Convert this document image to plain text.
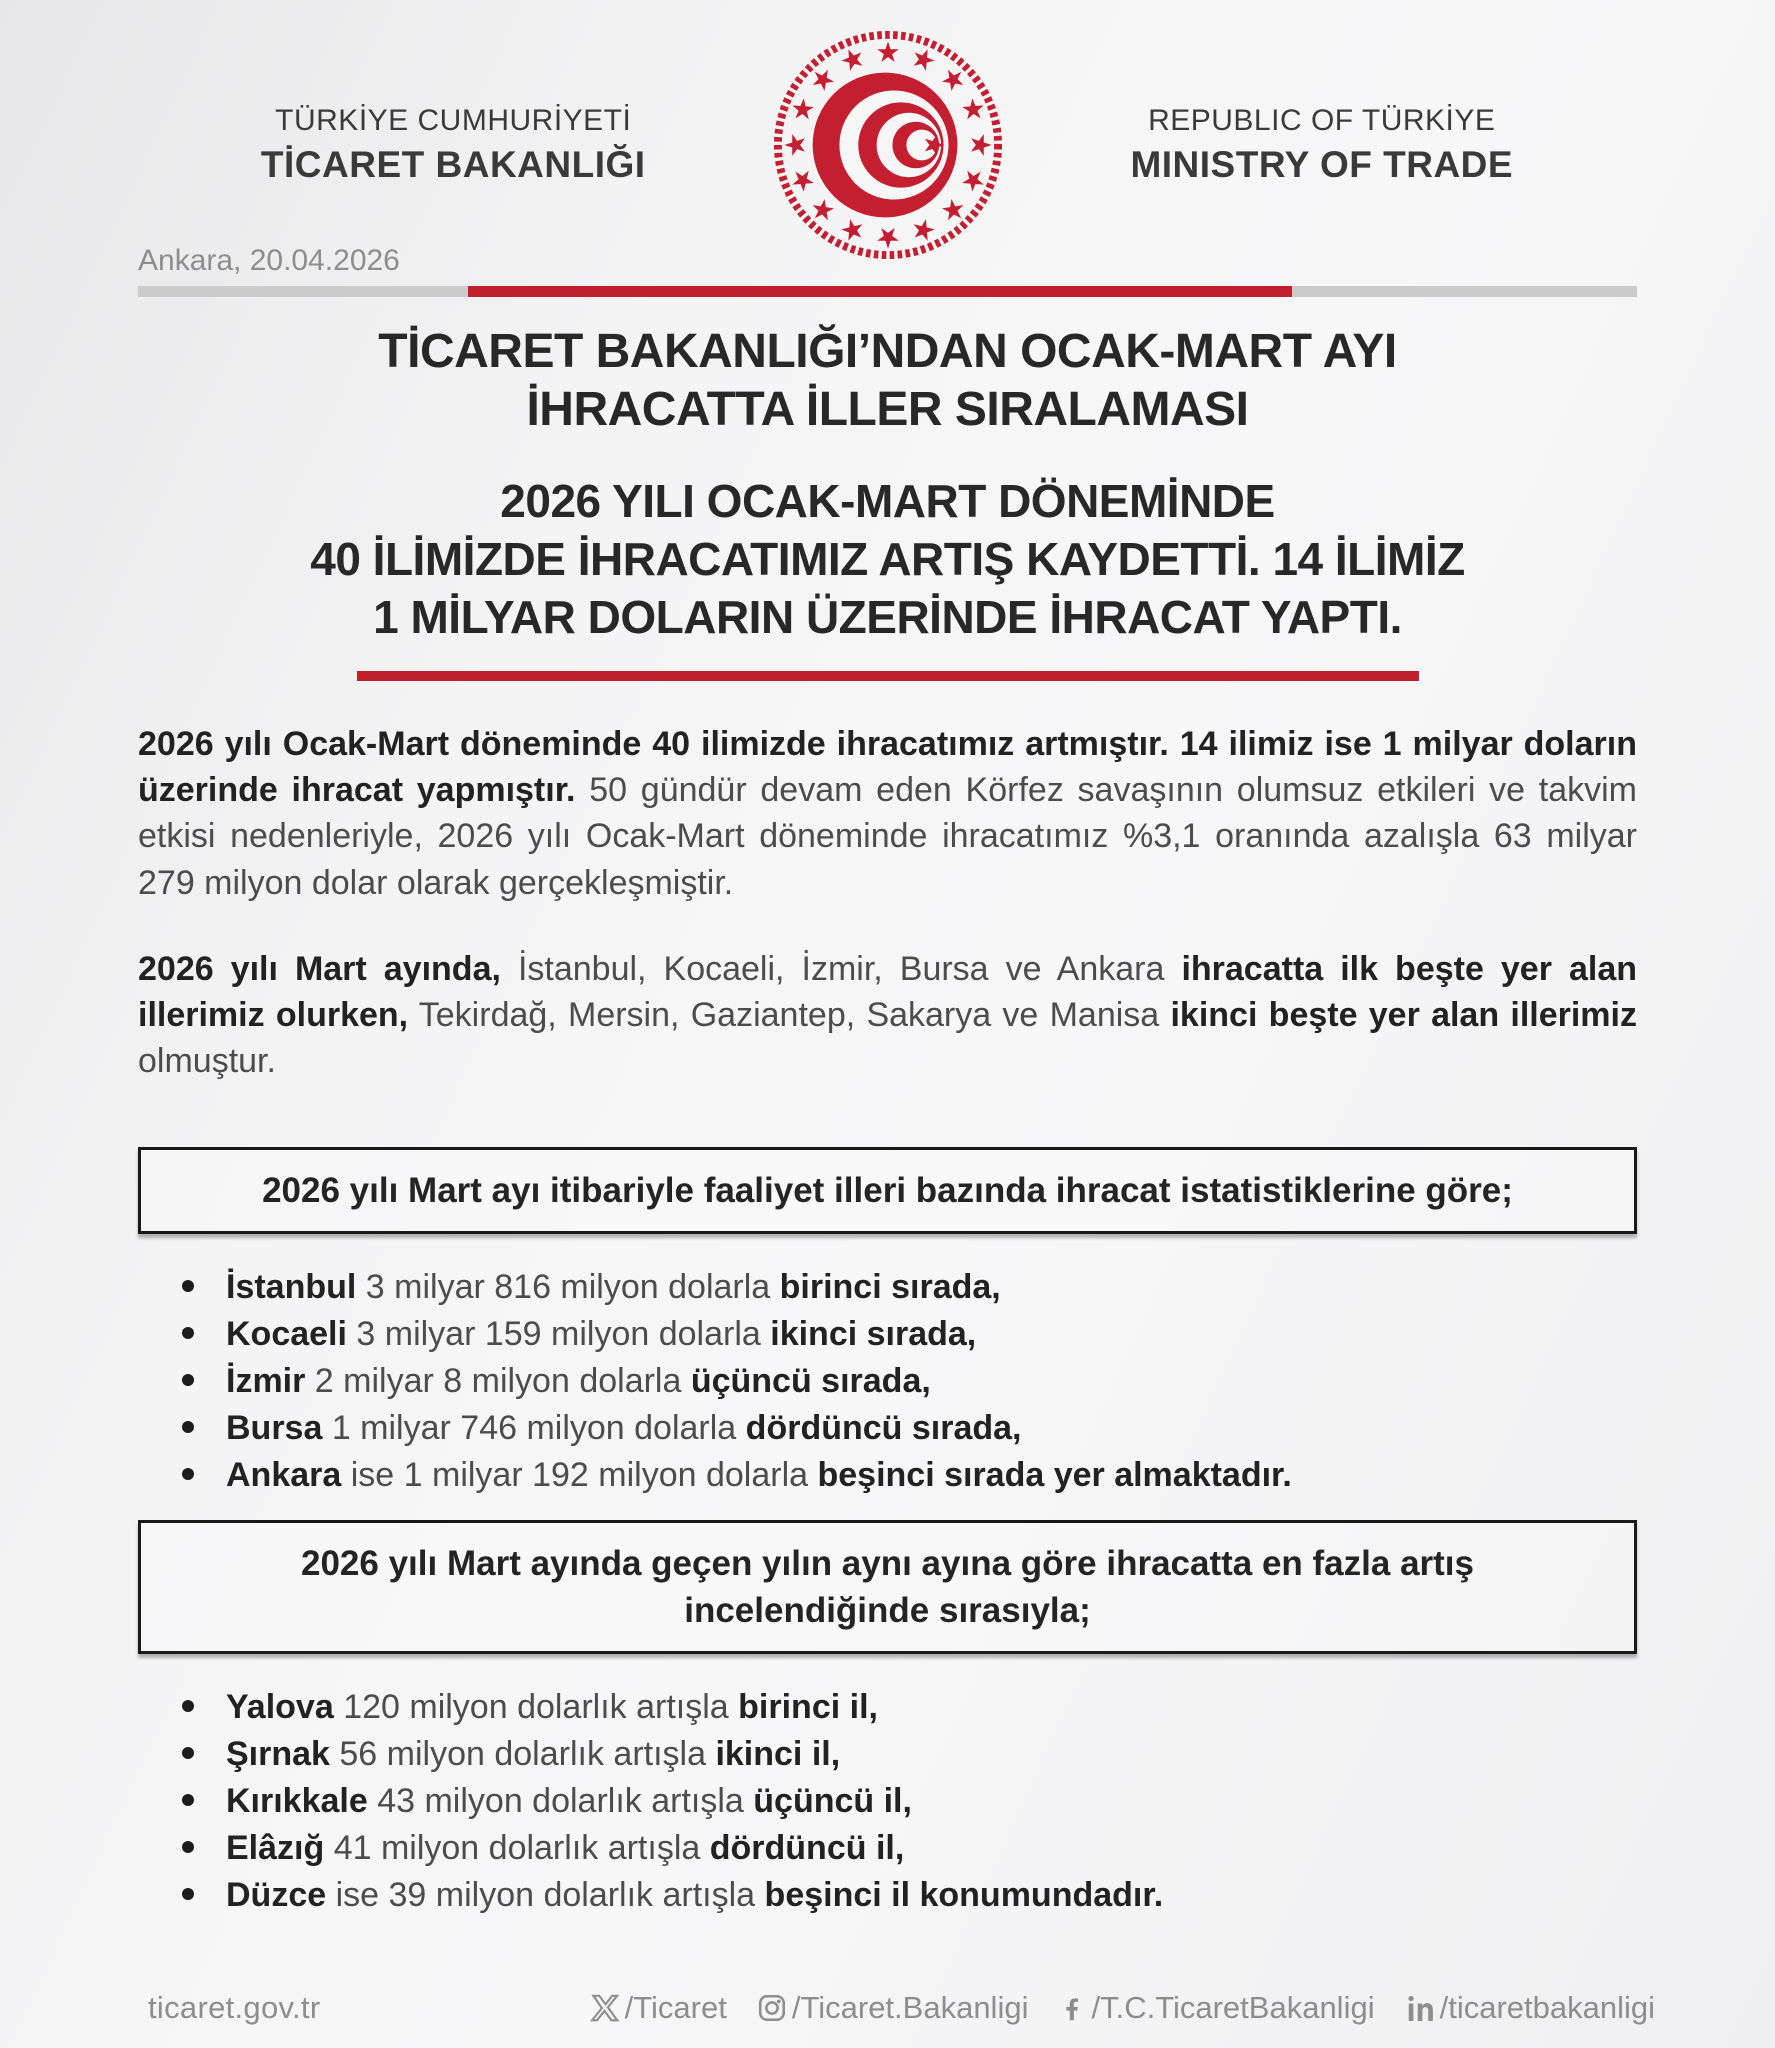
TÜRKİYE CUMHURİYETİ
TİCARET BAKANLIĞI
REPUBLIC OF TÜRKİYE
MINISTRY OF TRADE
Ankara, 20.04.2026
TİCARET BAKANLIĞI’NDAN OCAK-MART AYI
İHRACATTA İLLER SIRALAMASI
2026 YILI OCAK-MART DÖNEMİNDE
40 İLİMİZDE İHRACATIMIZ ARTIŞ KAYDETTİ. 14 İLİMİZ
1 MİLYAR DOLARIN ÜZERİNDE İHRACAT YAPTI.

2026 yılı Ocak-Mart döneminde 40 ilimizde ihracatımız artmıştır. 14 ilimiz ise 1 milyar doların üzerinde ihracat yapmıştır. 50 gündür devam eden Körfez savaşının olumsuz etkileri ve takvim etkisi nedenleriyle, 2026 yılı Ocak-Mart döneminde ihracatımız %3,1 oranında azalışla 63 milyar 279 milyon dolar olarak gerçekleşmiştir.

2026 yılı Mart ayında, İstanbul, Kocaeli, İzmir, Bursa ve Ankara ihracatta ilk beşte yer alan illerimiz olurken, Tekirdağ, Mersin, Gaziantep, Sakarya ve Manisa ikinci beşte yer alan illerimiz olmuştur.

2026 yılı Mart ayı itibariyle faaliyet illeri bazında ihracat istatistiklerine göre;
İstanbul 3 milyar 816 milyon dolarla birinci sırada,
Kocaeli 3 milyar 159 milyon dolarla ikinci sırada,
İzmir 2 milyar 8 milyon dolarla üçüncü sırada,
Bursa 1 milyar 746 milyon dolarla dördüncü sırada,
Ankara ise 1 milyar 192 milyon dolarla beşinci sırada yer almaktadır.
2026 yılı Mart ayında geçen yılın aynı ayına göre ihracatta en fazla artış incelendiğinde sırasıyla;
Yalova 120 milyon dolarlık artışla birinci il,
Şırnak 56 milyon dolarlık artışla ikinci il,
Kırıkkale 43 milyon dolarlık artışla üçüncü il,
Elâzığ 41 milyon dolarlık artışla dördüncü il,
Düzce ise 39 milyon dolarlık artışla beşinci il konumundadır.
ticaret.gov.tr	/Ticaret /Ticaret.Bakanligi /T.C.TicaretBakanligi /ticaretbakanligi
